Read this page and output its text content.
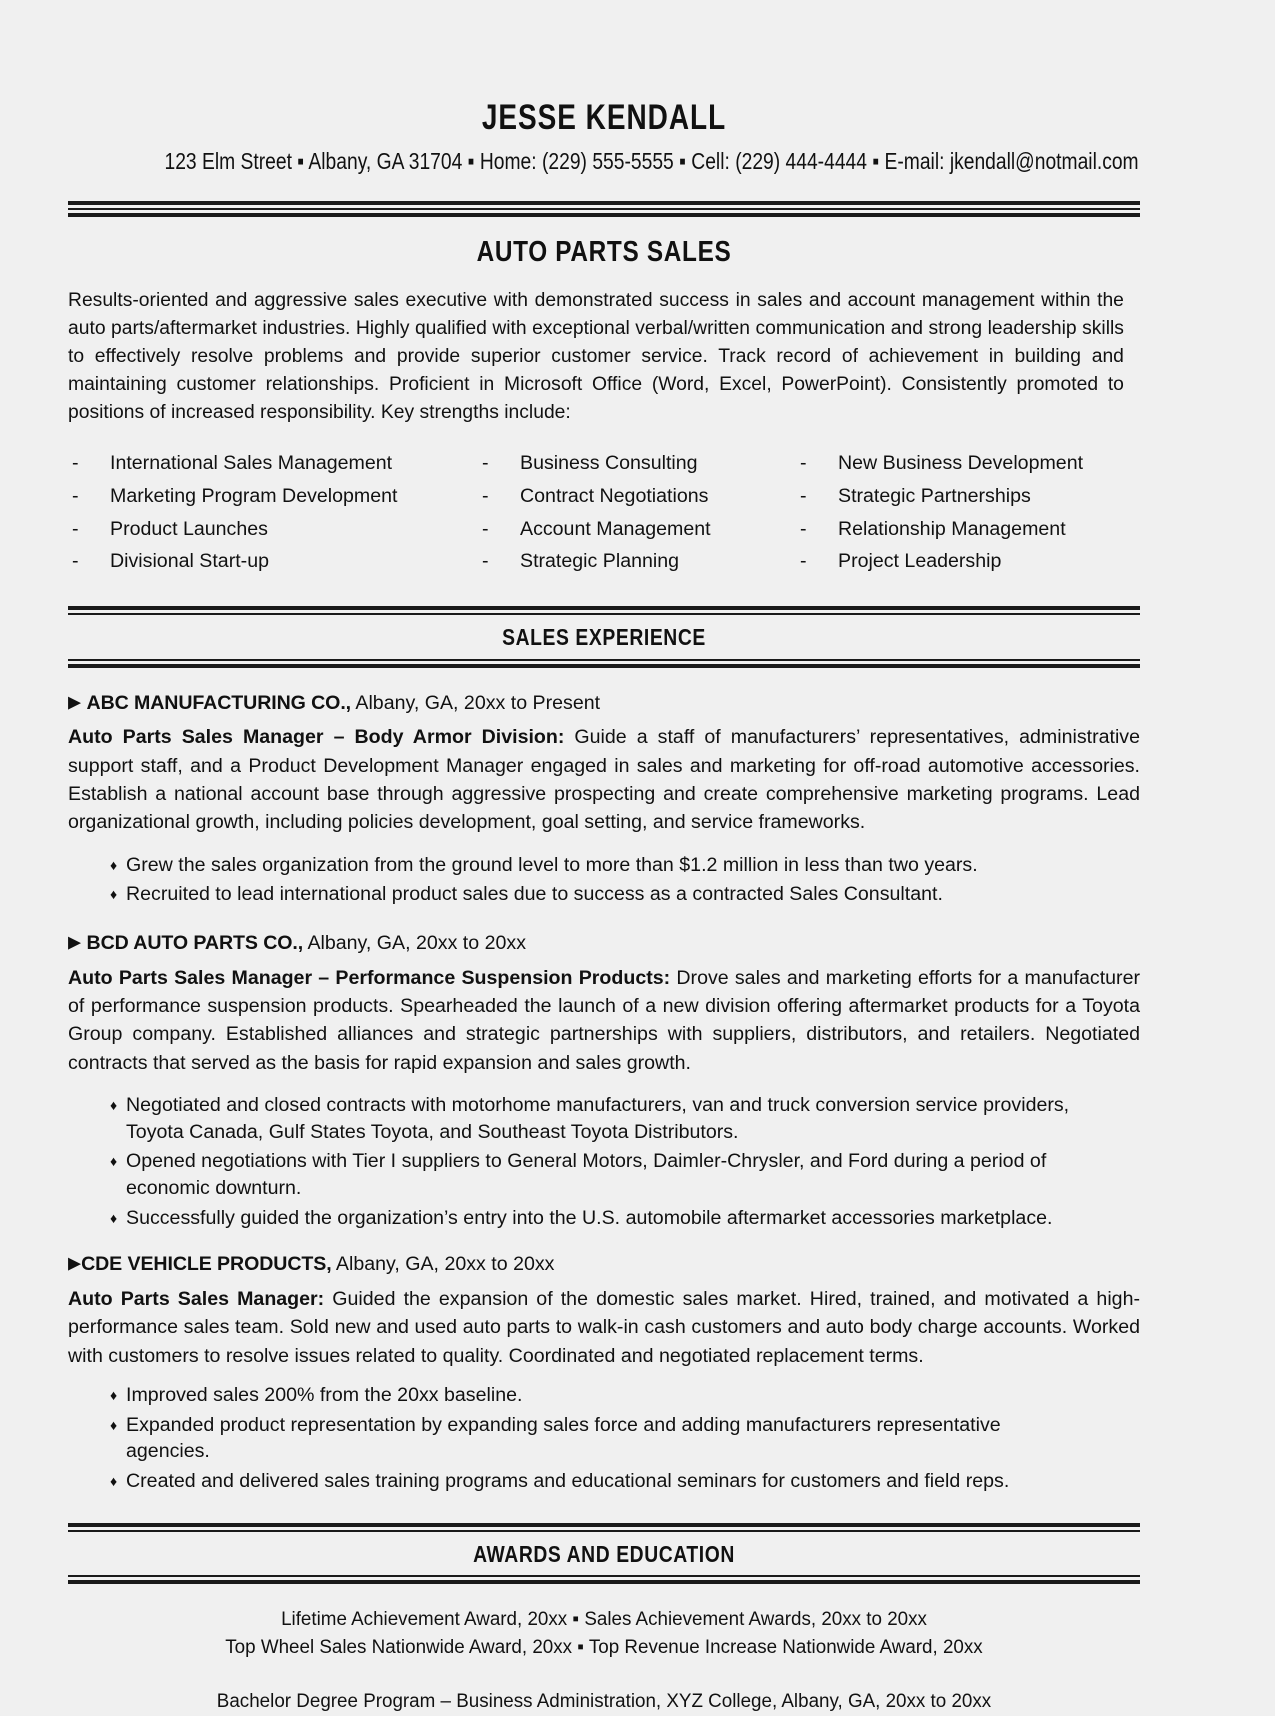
JESSE KENDALL
123 Elm Street ▪ Albany, GA 31704 ▪ Home: (229) 555-5555 ▪ Cell: (229) 444-4444 ▪ E-mail: jkendall@notmail.com
AUTO PARTS SALES
Results-oriented and aggressive sales executive with demonstrated success in sales and account management within the auto parts/aftermarket industries. Highly qualified with exceptional verbal/written communication and strong leadership skills to effectively resolve problems and provide superior customer service. Track record of achievement in building and maintaining customer relationships. Proficient in Microsoft Office (Word, Excel, PowerPoint). Consistently promoted to positions of increased responsibility. Key strengths include:
-	International Sales Management
-	Marketing Program Development
-	Product Launches
-	Divisional Start-up
-	Business Consulting
-	Contract Negotiations
-	Account Management
-	Strategic Planning
-	New Business Development
-	Strategic Partnerships
-	Relationship Management
-	Project Leadership
SALES EXPERIENCE
▶ ABC MANUFACTURING CO., Albany, GA, 20xx to Present
Auto Parts Sales Manager – Body Armor Division: Guide a staff of manufacturers’ representatives, administrative support staff, and a Product Development Manager engaged in sales and marketing for off-road automotive accessories. Establish a national account base through aggressive prospecting and create comprehensive marketing programs. Lead organizational growth, including policies development, goal setting, and service frameworks.
♦ Grew the sales organization from the ground level to more than $1.2 million in less than two years.
♦ Recruited to lead international product sales due to success as a contracted Sales Consultant.
▶ BCD AUTO PARTS CO., Albany, GA, 20xx to 20xx
Auto Parts Sales Manager – Performance Suspension Products: Drove sales and marketing efforts for a manufacturer of performance suspension products. Spearheaded the launch of a new division offering aftermarket products for a Toyota Group company. Established alliances and strategic partnerships with suppliers, distributors, and retailers. Negotiated contracts that served as the basis for rapid expansion and sales growth.
♦ Negotiated and closed contracts with motorhome manufacturers, van and truck conversion service providers, Toyota Canada, Gulf States Toyota, and Southeast Toyota Distributors.
♦ Opened negotiations with Tier I suppliers to General Motors, Daimler-Chrysler, and Ford during a period of economic downturn.
♦ Successfully guided the organization’s entry into the U.S. automobile aftermarket accessories marketplace.
▶CDE VEHICLE PRODUCTS, Albany, GA, 20xx to 20xx
Auto Parts Sales Manager: Guided the expansion of the domestic sales market. Hired, trained, and motivated a high-performance sales team. Sold new and used auto parts to walk-in cash customers and auto body charge accounts. Worked with customers to resolve issues related to quality. Coordinated and negotiated replacement terms.
♦ Improved sales 200% from the 20xx baseline.
♦ Expanded product representation by expanding sales force and adding manufacturers representative agencies.
♦ Created and delivered sales training programs and educational seminars for customers and field reps.
AWARDS AND EDUCATION
Lifetime Achievement Award, 20xx ▪ Sales Achievement Awards, 20xx to 20xx
Top Wheel Sales Nationwide Award, 20xx ▪ Top Revenue Increase Nationwide Award, 20xx
Bachelor Degree Program – Business Administration, XYZ College, Albany, GA, 20xx to 20xx
